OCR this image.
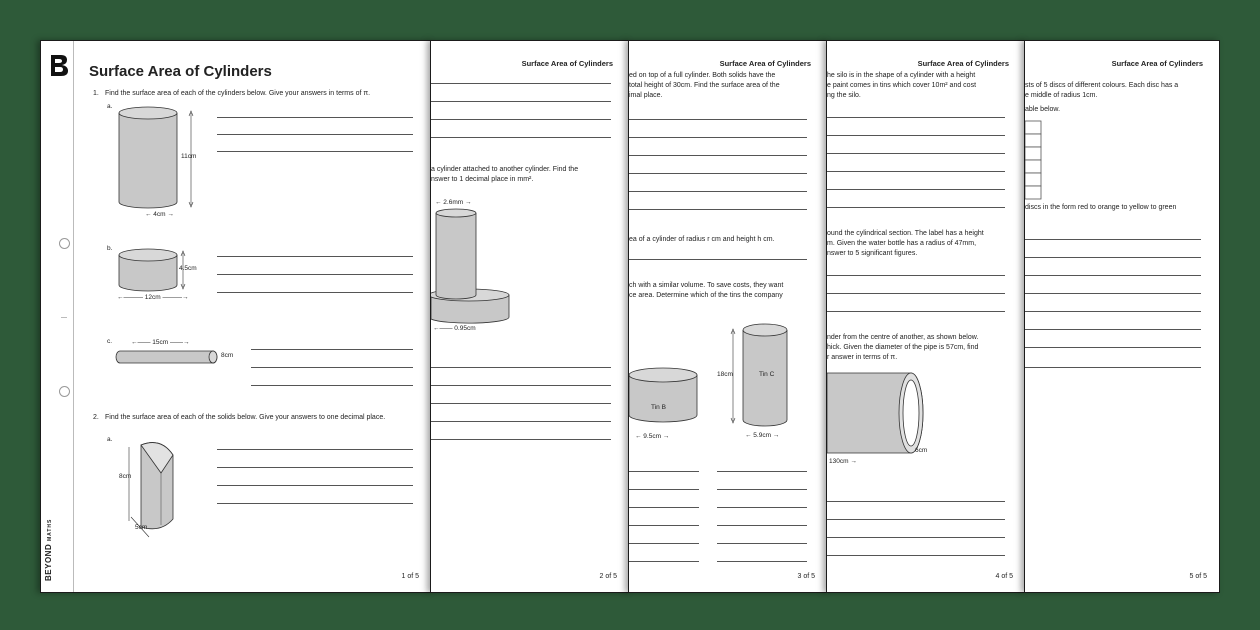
BEYOND MATHS
Surface Area of Cylinders
1. Find the surface area of each of the cylinders below. Give your answers in terms of π.
a.
11cm
← 4cm →
b.
4.5cm
←——— 12cm ———→
c.	←—— 15cm ——→
8cm
2. Find the surface area of each of the solids below. Give your answers to one decimal place.
a.
8cm
5cm
1 of 5
Surface Area of Cylinders
a cylinder attached to another cylinder. Find the
nswer to 1 decimal place in mm².
← 2.6mm →
←—— 0.95cm
2 of 5
Surface Area of Cylinders
ed on top of a full cylinder. Both solids have the
total height of 30cm. Find the surface area of the
imal place.
ea of a cylinder of radius r cm and height h cm.
ch with a similar volume. To save costs, they want
ce area. Determine which of the tins the company
Tin B
← 9.5cm →
Tin C
18cm
← 5.9cm →
3 of 5
Surface Area of Cylinders
he silo is in the shape of a cylinder with a height
e paint comes in tins which cover 10m² and cost
ng the silo.
ound the cylindrical section. The label has a height
m. Given the water bottle has a radius of 47mm,
nswer to 5 significant figures.
nder from the centre of another, as shown below.
hick. Given the diameter of the pipe is 57cm, find
r answer in terms of π.
6cm
130cm →
4 of 5
Surface Area of Cylinders
sts of 5 discs of different colours. Each disc has a
e middle of radius 1cm.
able below.
discs in the form red to orange to yellow to green
5 of 5
